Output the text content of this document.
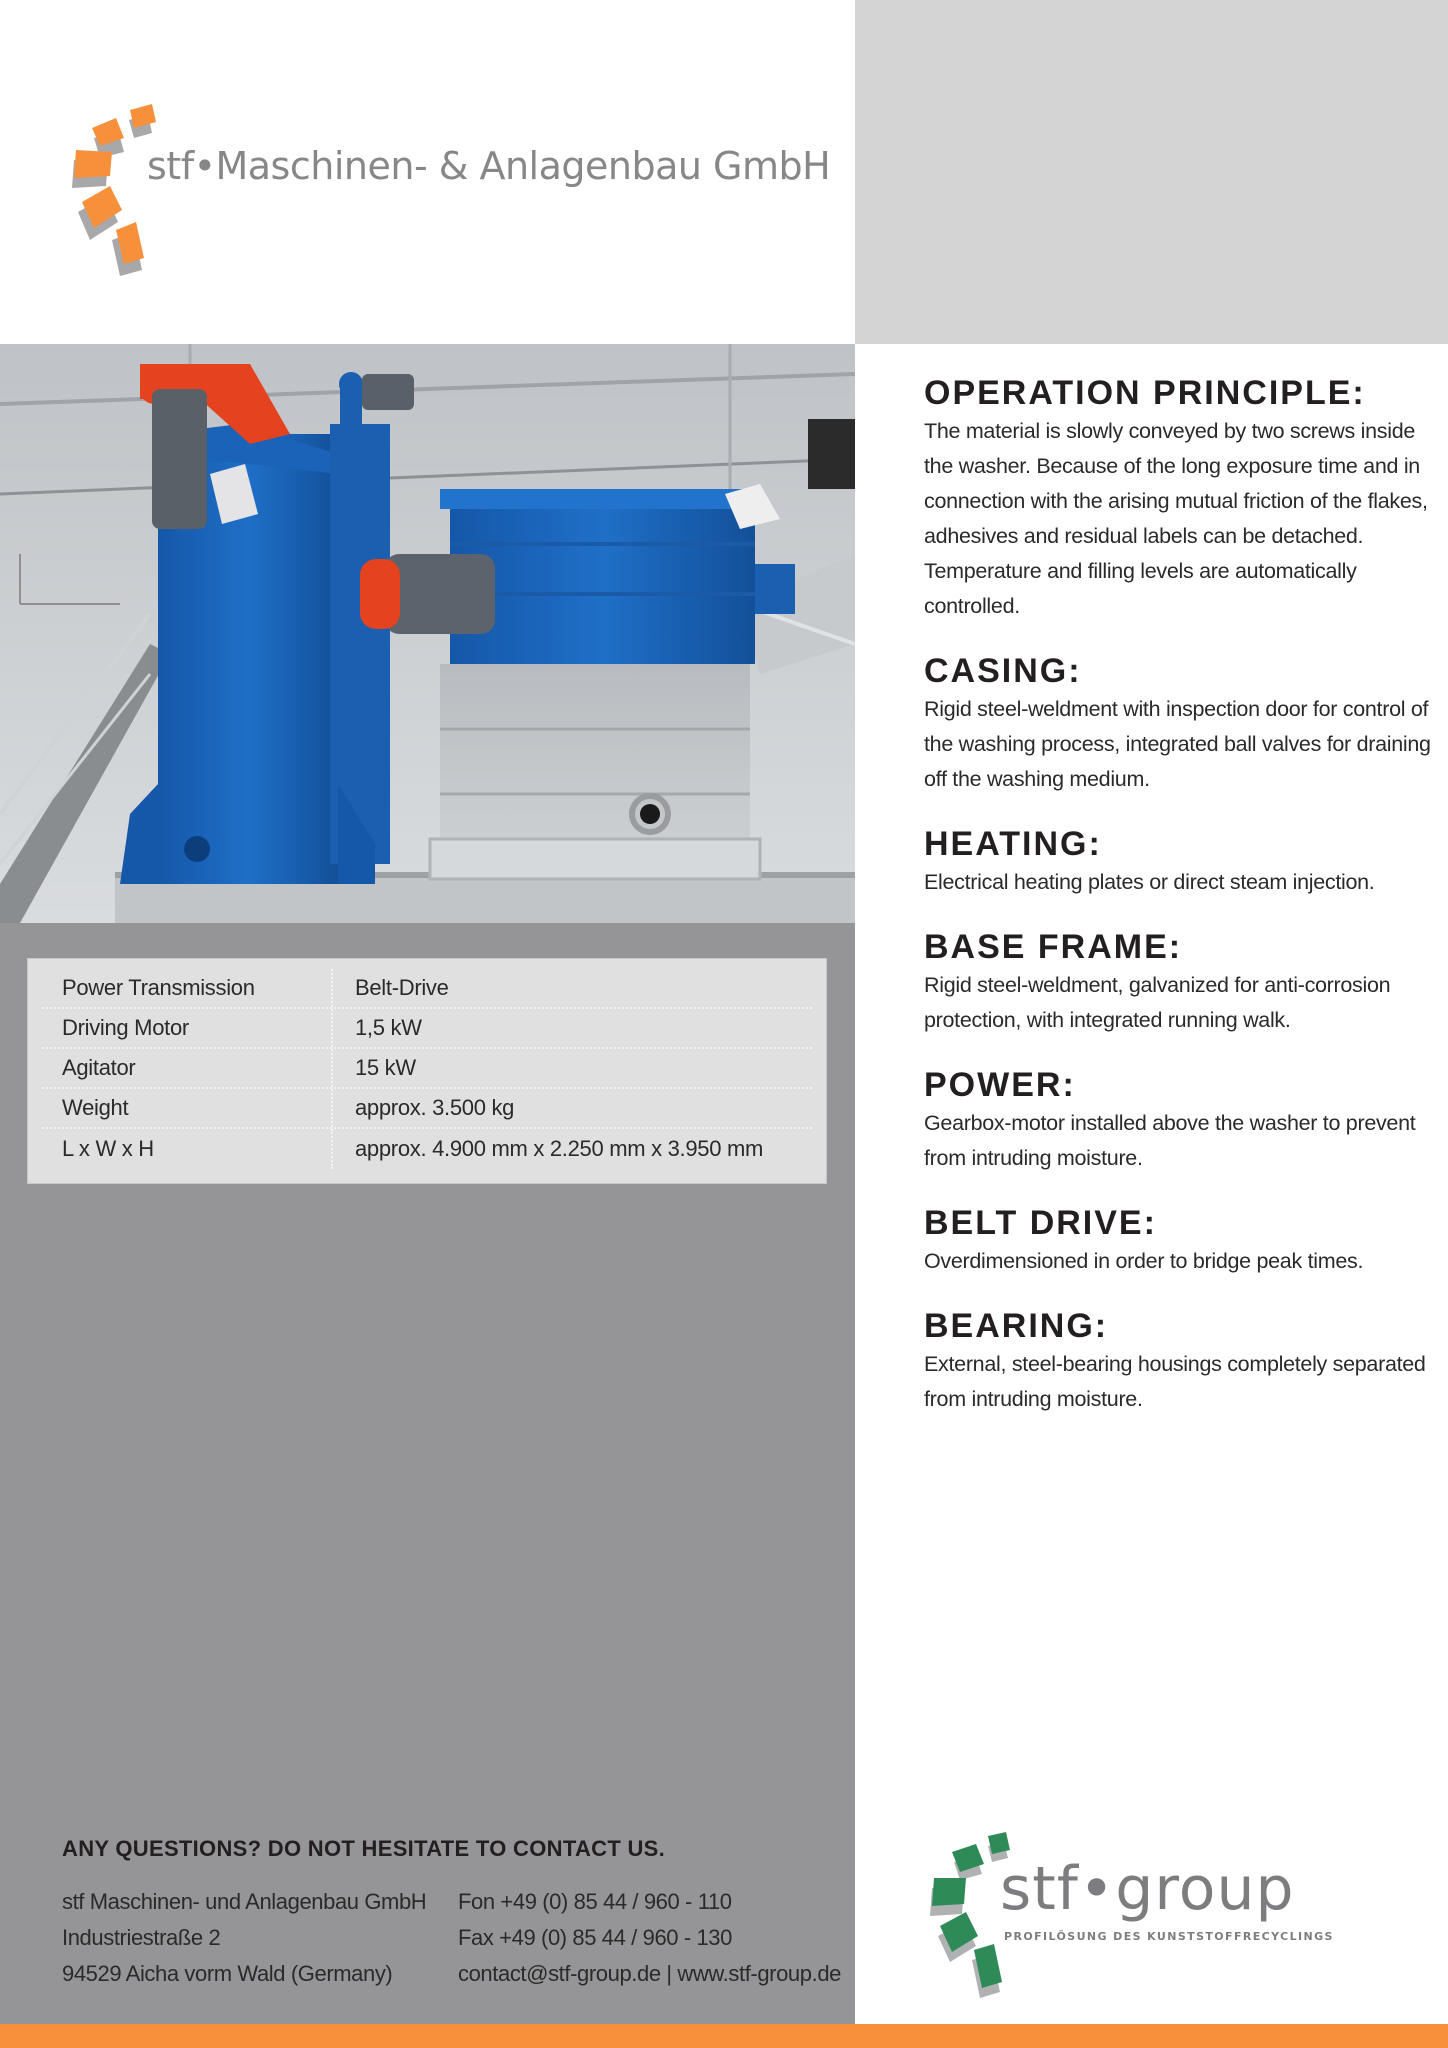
stf•Maschinen- & Anlagenbau GmbH
Power Transmission	Belt-Drive
Driving Motor	1,5 kW
Agitator	15 kW
Weight	approx. 3.500 kg
L x W x H	approx. 4.900 mm x 2.250 mm x 3.950 mm
ANY QUESTIONS? DO NOT HESITATE TO CONTACT US.
stf Maschinen- und Anlagenbau GmbH
Industriestraße 2
94529 Aicha vorm Wald (Germany)
Fon +49 (0) 85 44 / 960 - 110
Fax +49 (0) 85 44 / 960 - 130
contact@stf-group.de | www.stf-group.de
OPERATION PRINCIPLE:
The material is slowly conveyed by two screws inside the washer. Because of the long exposure time and in connection with the arising mutual friction of the flakes, adhesives and residual labels can be detached. Temperature and filling levels are automatically controlled.
CASING:
Rigid steel-weldment with inspection door for control of the washing process, integrated ball valves for draining off the washing medium.
HEATING:
Electrical heating plates or direct steam injection.
BASE FRAME:
Rigid steel-weldment, galvanized for anti-corrosion protection, with integrated running walk.
POWER:
Gearbox-motor installed above the washer to prevent from intruding moisture.
BELT DRIVE:
Overdimensioned in order to bridge peak times.
BEARING:
External, steel-bearing housings completely separated from intruding moisture.
stf•group
PROFILÖSUNG DES KUNSTSTOFFRECYCLINGS
